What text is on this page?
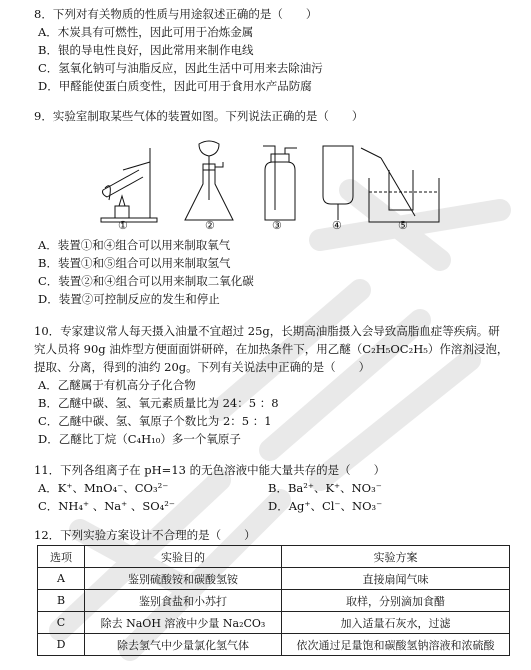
8．下列对有关物质的性质与用途叙述正确的是（　　）
A．木炭具有可燃性，因此可用于冶炼金属
B．银的导电性良好，因此常用来制作电线
C．氢氧化钠可与油脂反应，因此生活中可用来去除油污
D．甲醛能使蛋白质变性，因此可用于食用水产品防腐
9．实验室制取某些气体的装置如图。下列说法正确的是（　　）
①	②	③	④	⑤
A．装置①和④组合可以用来制取氧气
B．装置①和⑤组合可以用来制取氢气
C．装置②和④组合可以用来制取二氧化碳
D．装置②可控制反应的发生和停止
10．专家建议常人每天摄入油量不宜超过 25g，长期高油脂摄入会导致高脂血症等疾病。研
究人员将 90g 油炸型方便面面饼研碎，在加热条件下，用乙醚（C₂H₅OC₂H₅）作溶剂浸泡，
提取、分离，得到的油约 20g。下列有关说法中正确的是（　　）
A．乙醚属于有机高分子化合物
B．乙醚中碳、氢、氧元素质量比为 24：5 ：8
C．乙醚中碳、氢、氧原子个数比为 2：5 ：1
D．乙醚比丁烷（C₄H₁₀）多一个氧原子
11．下列各组离子在 pH=13 的无色溶液中能大量共存的是（　　）
A．K⁺、MnO₄⁻、CO₃²⁻	B．Ba²⁺、K⁺、NO₃⁻
C．NH₄⁺ 、Na⁺ 、SO₄²⁻	D．Ag⁺、Cl⁻、NO₃⁻
12．下列实验方案设计不合理的是（　　）
选项	实验目的	实验方案
A	鉴别硫酸铵和碳酸氢铵	直接扇闻气味
B	鉴别食盐和小苏打	取样，分别滴加食醋
C	除去 NaOH 溶液中少量 Na₂CO₃	加入适量石灰水，过滤
D	除去氢气中少量氯化氢气体	依次通过足量饱和碳酸氢钠溶液和浓硫酸
